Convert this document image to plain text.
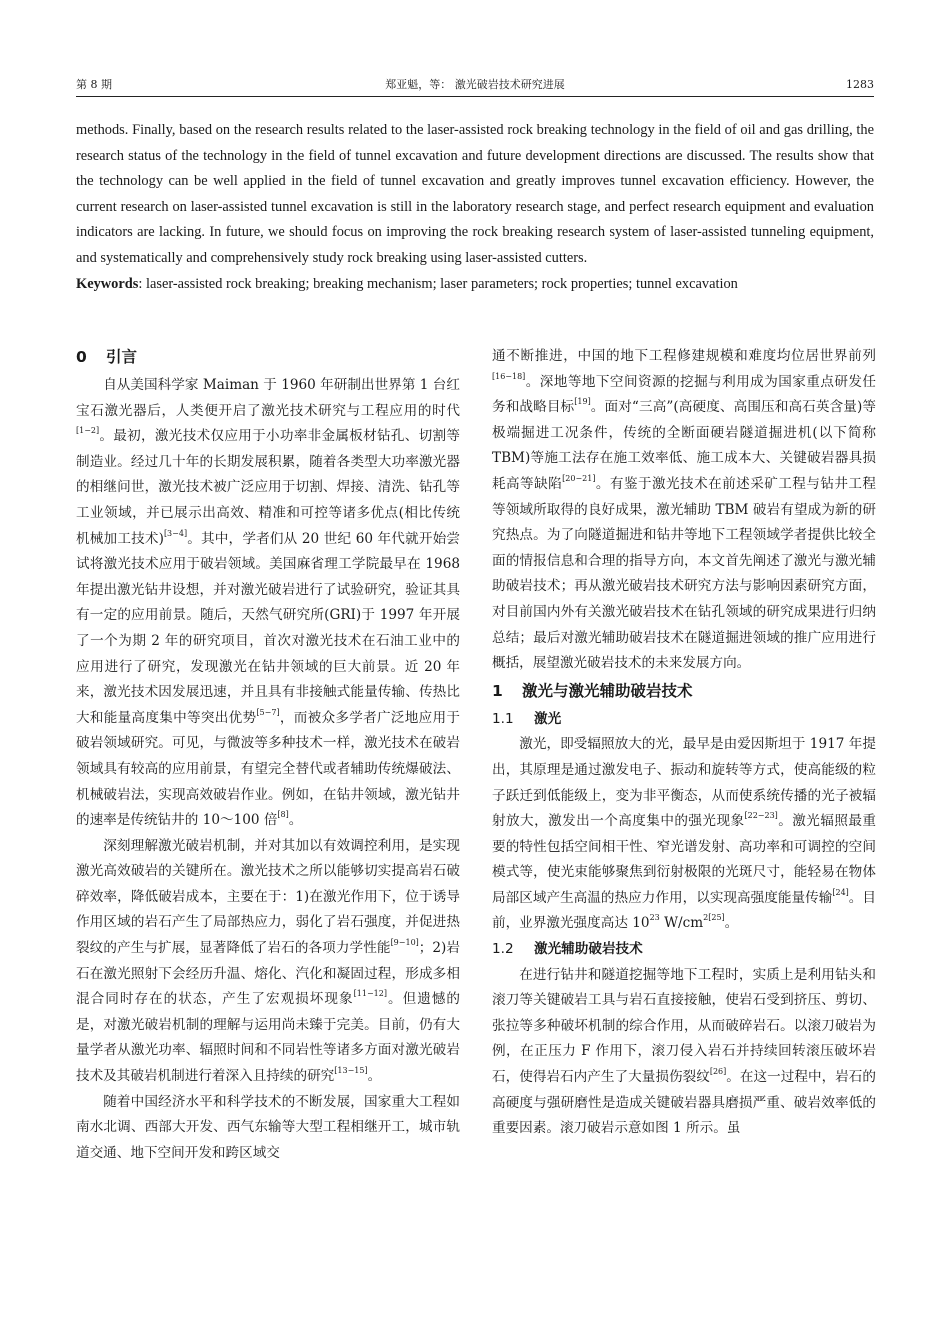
第 8 期	郑亚魁，等： 激光破岩技术研究进展	1283

methods. Finally, based on the research results related to the laser-assisted rock breaking technology in the field of oil and gas drilling, the research status of the technology in the field of tunnel excavation and future development directions are discussed. The results show that the technology can be well applied in the field of tunnel excavation and greatly improves tunnel excavation efficiency. However, the current research on laser-assisted tunnel excavation is still in the laboratory research stage, and perfect research equipment and evaluation indicators are lacking. In future, we should focus on improving the rock breaking research system of laser-assisted tunneling equipment, and systematically and comprehensively study rock breaking using laser-assisted cutters.

Keywords: laser-assisted rock breaking; breaking mechanism; laser parameters; rock properties; tunnel excavation

0 引言

自从美国科学家 Maiman 于 1960 年研制出世界第 1 台红宝石激光器后，人类便开启了激光技术研究与工程应用的时代[1−2]。最初，激光技术仅应用于小功率非金属板材钻孔、切割等制造业。经过几十年的长期发展积累，随着各类型大功率激光器的相继问世，激光技术被广泛应用于切割、焊接、清洗、钻孔等工业领域，并已展示出高效、精准和可控等诸多优点(相比传统机械加工技术)[3−4]。其中，学者们从 20 世纪 60 年代就开始尝试将激光技术应用于破岩领域。美国麻省理工学院最早在 1968 年提出激光钻井设想，并对激光破岩进行了试验研究，验证其具有一定的应用前景。随后，天然气研究所(GRI)于 1997 年开展了一个为期 2 年的研究项目，首次对激光技术在石油工业中的应用进行了研究，发现激光在钻井领域的巨大前景。近 20 年来，激光技术因发展迅速，并且具有非接触式能量传输、传热比大和能量高度集中等突出优势[5−7]，而被众多学者广泛地应用于破岩领域研究。可见，与微波等多种技术一样，激光技术在破岩领域具有较高的应用前景，有望完全替代或者辅助传统爆破法、机械破岩法，实现高效破岩作业。例如，在钻井领域，激光钻井的速率是传统钻井的 10～100 倍[8]。

深刻理解激光破岩机制，并对其加以有效调控利用，是实现激光高效破岩的关键所在。激光技术之所以能够切实提高岩石破碎效率，降低破岩成本，主要在于：1)在激光作用下，位于诱导作用区域的岩石产生了局部热应力，弱化了岩石强度，并促进热裂纹的产生与扩展，显著降低了岩石的各项力学性能[9−10]；2)岩石在激光照射下会经历升温、熔化、汽化和凝固过程，形成多相混合同时存在的状态，产生了宏观损坏现象[11−12]。但遗憾的是，对激光破岩机制的理解与运用尚未臻于完美。目前，仍有大量学者从激光功率、辐照时间和不同岩性等诸多方面对激光破岩技术及其破岩机制进行着深入且持续的研究[13−15]。

随着中国经济水平和科学技术的不断发展，国家重大工程如南水北调、西部大开发、西气东输等大型工程相继开工，城市轨道交通、地下空间开发和跨区域交

通不断推进，中国的地下工程修建规模和难度均位居世界前列[16−18]。深地等地下空间资源的挖掘与利用成为国家重点研发任务和战略目标[19]。面对“三高”(高硬度、高围压和高石英含量)等极端掘进工况条件，传统的全断面硬岩隧道掘进机(以下简称 TBM)等施工法存在施工效率低、施工成本大、关键破岩器具损耗高等缺陷[20−21]。有鉴于激光技术在前述采矿工程与钻井工程等领域所取得的良好成果，激光辅助 TBM 破岩有望成为新的研究热点。为了向隧道掘进和钻井等地下工程领域学者提供比较全面的情报信息和合理的指导方向，本文首先阐述了激光与激光辅助破岩技术；再从激光破岩技术研究方法与影响因素研究方面，对目前国内外有关激光破岩技术在钻孔领域的研究成果进行归纳总结；最后对激光辅助破岩技术在隧道掘进领域的推广应用进行概括，展望激光破岩技术的未来发展方向。

1 激光与激光辅助破岩技术
1.1 激光

激光，即受辐照放大的光，最早是由爱因斯坦于 1917 年提出，其原理是通过激发电子、振动和旋转等方式，使高能级的粒子跃迁到低能级上，变为非平衡态，从而使系统传播的光子被辐射放大，激发出一个高度集中的强光现象[22−23]。激光辐照最重要的特性包括空间相干性、窄光谱发射、高功率和可调控的空间模式等，使光束能够聚焦到衍射极限的光斑尺寸，能轻易在物体局部区域产生高温的热应力作用，以实现高强度能量传输[24]。目前，业界激光强度高达 $10^{23}$ $W/cm^{2[25]}$。

1.2 激光辅助破岩技术

在进行钻井和隧道挖掘等地下工程时，实质上是利用钻头和滚刀等关键破岩工具与岩石直接接触，使岩石受到挤压、剪切、张拉等多种破坏机制的综合作用，从而破碎岩石。以滚刀破岩为例，在正压力 F 作用下，滚刀侵入岩石并持续回转滚压破坏岩石，使得岩石内产生了大量损伤裂纹[26]。在这一过程中，岩石的高硬度与强研磨性是造成关键破岩器具磨损严重、破岩效率低的重要因素。滚刀破岩示意如图 1 所示。虽
